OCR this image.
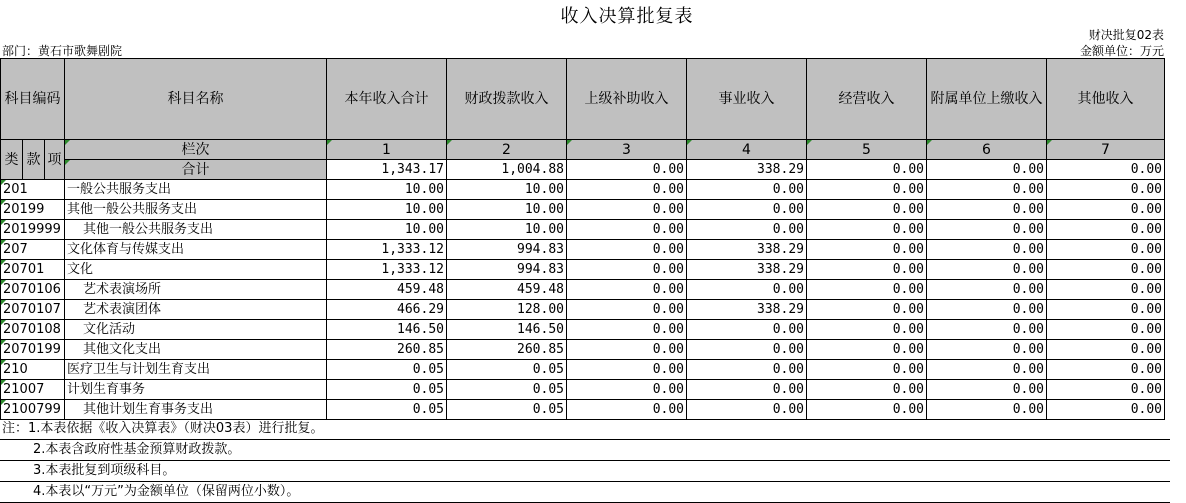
收入决算批复表
财决批复02表
金额单位：万元
部门：黄石市歌舞剧院
科目编码			科目名称	本年收入合计	财政拨款收入	上级补助收入	事业收入	经营收入	附属单位上缴收入	其他收入
类	款	项	栏次	1	2	3	4	5	6	7
			合计	1,343.17	1,004.88	0.00	338.29	0.00	0.00	0.00
201			一般公共服务支出	10.00	10.00	0.00	0.00	0.00	0.00	0.00
20199			其他一般公共服务支出	10.00	10.00	0.00	0.00	0.00	0.00	0.00
2019999			其他一般公共服务支出	10.00	10.00	0.00	0.00	0.00	0.00	0.00
207			文化体育与传媒支出	1,333.12	994.83	0.00	338.29	0.00	0.00	0.00
20701			文化	1,333.12	994.83	0.00	338.29	0.00	0.00	0.00
2070106			艺术表演场所	459.48	459.48	0.00	0.00	0.00	0.00	0.00
2070107			艺术表演团体	466.29	128.00	0.00	338.29	0.00	0.00	0.00
2070108			文化活动	146.50	146.50	0.00	0.00	0.00	0.00	0.00
2070199			其他文化支出	260.85	260.85	0.00	0.00	0.00	0.00	0.00
210			医疗卫生与计划生育支出	0.05	0.05	0.00	0.00	0.00	0.00	0.00
21007			计划生育事务	0.05	0.05	0.00	0.00	0.00	0.00	0.00
2100799			其他计划生育事务支出	0.05	0.05	0.00	0.00	0.00	0.00	0.00
注：1.本表依据《收入决算表》（财决03表）进行批复。
2.本表含政府性基金预算财政拨款。
3.本表批复到项级科目。
4.本表以“万元”为金额单位（保留两位小数）。
